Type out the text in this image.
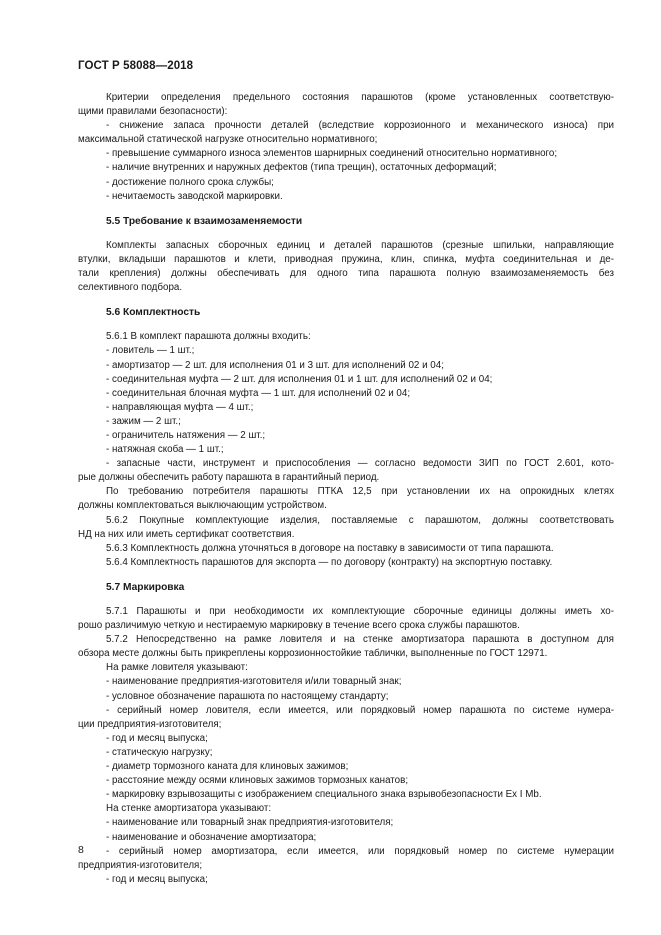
ГОСТ Р 58088—2018

Критерии определения предельного состояния парашютов (кроме установленных соответствую-

щими правилами безопасности):

- снижение запаса прочности деталей (вследствие коррозионного и механического износа) при

максимальной статической нагрузке относительно нормативного;

- превышение суммарного износа элементов шарнирных соединений относительно нормативного;

- наличие внутренних и наружных дефектов (типа трещин), остаточных деформаций;

- достижение полного срока службы;

- нечитаемость заводской маркировки.

5.5 Требование к взаимозаменяемости

Комплекты запасных сборочных единиц и деталей парашютов (срезные шпильки, направляющие

втулки, вкладыши парашютов и клети, приводная пружина, клин, спинка, муфта соединительная и де-

тали крепления) должны обеспечивать для одного типа парашюта полную взаимозаменяемость без

селективного подбора.

5.6 Комплектность

5.6.1 В комплект парашюта должны входить:

- ловитель — 1 шт.;

- амортизатор — 2 шт. для исполнения 01 и 3 шт. для исполнений 02 и 04;

- соединительная муфта — 2 шт. для исполнения 01 и 1 шт. для исполнений 02 и 04;

- соединительная блочная муфта — 1 шт. для исполнений 02 и 04;

- направляющая муфта — 4 шт.;

- зажим — 2 шт.;

- ограничитель натяжения — 2 шт.;

- натяжная скоба — 1 шт.;

- запасные части, инструмент и приспособления — согласно ведомости ЗИП по ГОСТ 2.601, кото-

рые должны обеспечить работу парашюта в гарантийный период.

По требованию потребителя парашюты ПТКА 12,5 при установлении их на опрокидных клетях

должны комплектоваться выключающим устройством.

5.6.2 Покупные комплектующие изделия, поставляемые с парашютом, должны соответствовать

НД на них или иметь сертификат соответствия.

5.6.3 Комплектность должна уточняться в договоре на поставку в зависимости от типа парашюта.

5.6.4 Комплектность парашютов для экспорта — по договору (контракту) на экспортную поставку.

5.7 Маркировка

5.7.1 Парашюты и при необходимости их комплектующие сборочные единицы должны иметь хо-

рошо различимую четкую и нестираемую маркировку в течение всего срока службы парашютов.

5.7.2 Непосредственно на рамке ловителя и на стенке амортизатора парашюта в доступном для

обзора месте должны быть прикреплены коррозионностойкие таблички, выполненные по ГОСТ 12971.

На рамке ловителя указывают:

- наименование предприятия-изготовителя и/или товарный знак;

- условное обозначение парашюта по настоящему стандарту;

- серийный номер ловителя, если имеется, или порядковый номер парашюта по системе нумера-

ции предприятия-изготовителя;

- год и месяц выпуска;

- статическую нагрузку;

- диаметр тормозного каната для клиновых зажимов;

- расстояние между осями клиновых зажимов тормозных канатов;

- маркировку взрывозащиты с изображением специального знака взрывобезопасности Ex I Mb.

На стенке амортизатора указывают:

- наименование или товарный знак предприятия-изготовителя;

- наименование и обозначение амортизатора;

- серийный номер амортизатора, если имеется, или порядковый номер по системе нумерации

предприятия-изготовителя;

- год и месяц выпуска;

8
